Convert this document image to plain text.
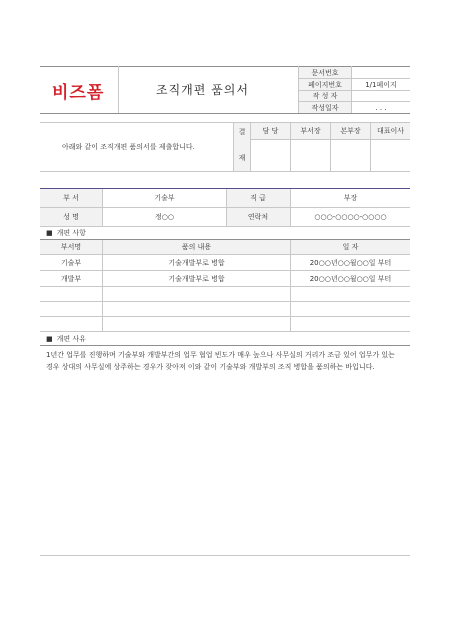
비즈폼	조직개편 품의서
문서번호
페이지번호	1/1페이지
작 성 자
작성일자	. . .
아래와 같이 조직개편 품의서를 제출합니다.
결
재
담 당	부서장	본부장	대표이사
부 서	기술부	직 급	부장
성 명	정○○	연락처	○○○-○○○○-○○○○
■ 개편 사항
부서명	품의 내용	일 자
기술부	기술개발부로 병합	20○○년○○월○○일 부터
개발부	기술개발부로 병합	20○○년○○월○○일 부터
■ 개편 사유
1년간 업무를 진행하며 기술부와 개발부간의 업무 협업 빈도가 매우 높으나 사무실의 거리가 조금 있어 업무가 있는 경우 상대의 사무실에 상주하는 경우가 잦아져 이와 같이 기술부와 개발부의 조직 병합을 품의하는 바입니다.
